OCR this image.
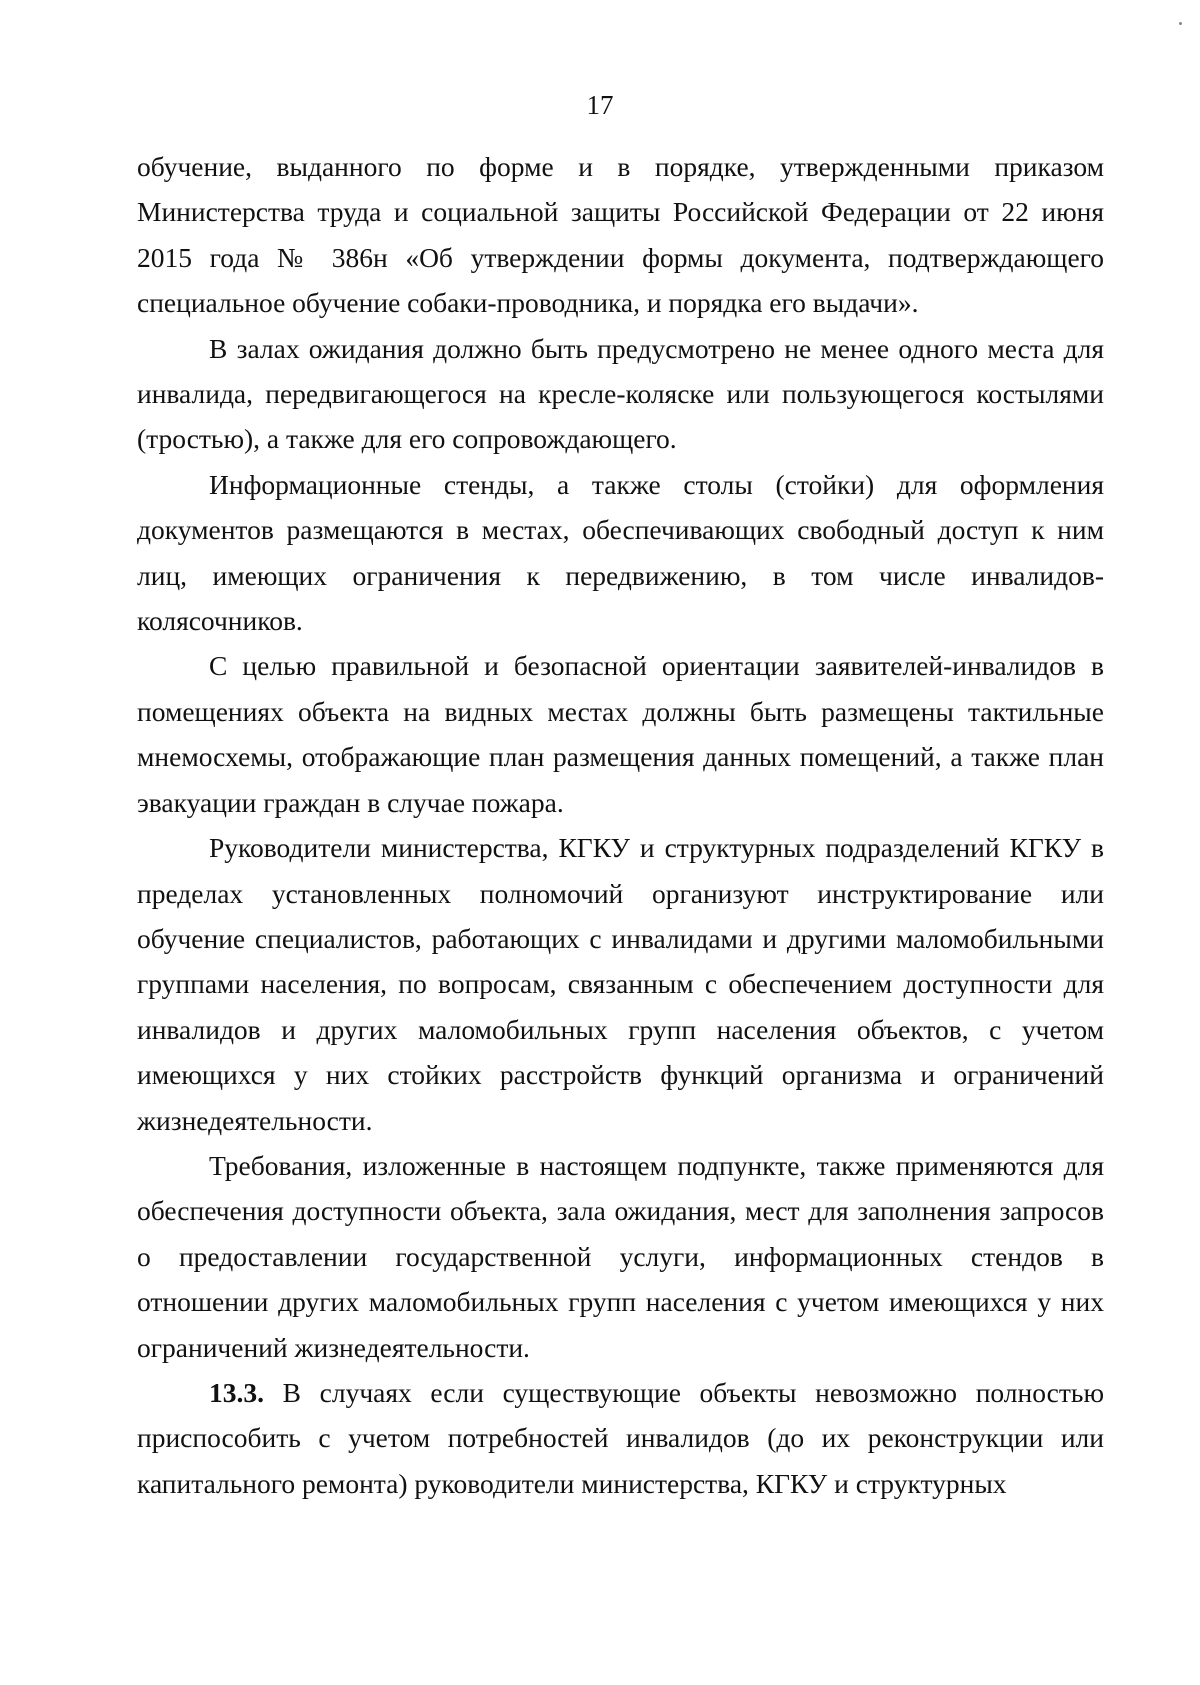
17

обучение, выданного по форме и в порядке, утвержденными приказом Министерства труда и социальной защиты Российской Федерации от 22 июня 2015 года № 386н «Об утверждении формы документа, подтверждающего специальное обучение собаки-проводника, и порядка его выдачи».

В залах ожидания должно быть предусмотрено не менее одного места для инвалида, передвигающегося на кресле-коляске или пользующегося костылями (тростью), а также для его сопровождающего.

Информационные стенды, а также столы (стойки) для оформления документов размещаются в местах, обеспечивающих свободный доступ к ним лиц, имеющих ограничения к передвижению, в том числе инвалидов-колясочников.

С целью правильной и безопасной ориентации заявителей-инвалидов в помещениях объекта на видных местах должны быть размещены тактильные мнемосхемы, отображающие план размещения данных помещений, а также план эвакуации граждан в случае пожара.

Руководители министерства, КГКУ и структурных подразделений КГКУ в пределах установленных полномочий организуют инструктирование или обучение специалистов, работающих с инвалидами и другими маломобильными группами населения, по вопросам, связанным с обеспечением доступности для инвалидов и других маломобильных групп населения объектов, с учетом имеющихся у них стойких расстройств функций организма и ограничений жизнедеятельности.

Требования, изложенные в настоящем подпункте, также применяются для обеспечения доступности объекта, зала ожидания, мест для заполнения запросов о предоставлении государственной услуги, информационных стендов в отношении других маломобильных групп населения с учетом имеющихся у них ограничений жизнедеятельности.

13.3. В случаях если существующие объекты невозможно полностью приспособить с учетом потребностей инвалидов (до их реконструкции или капитального ремонта) руководители министерства, КГКУ и структурных
